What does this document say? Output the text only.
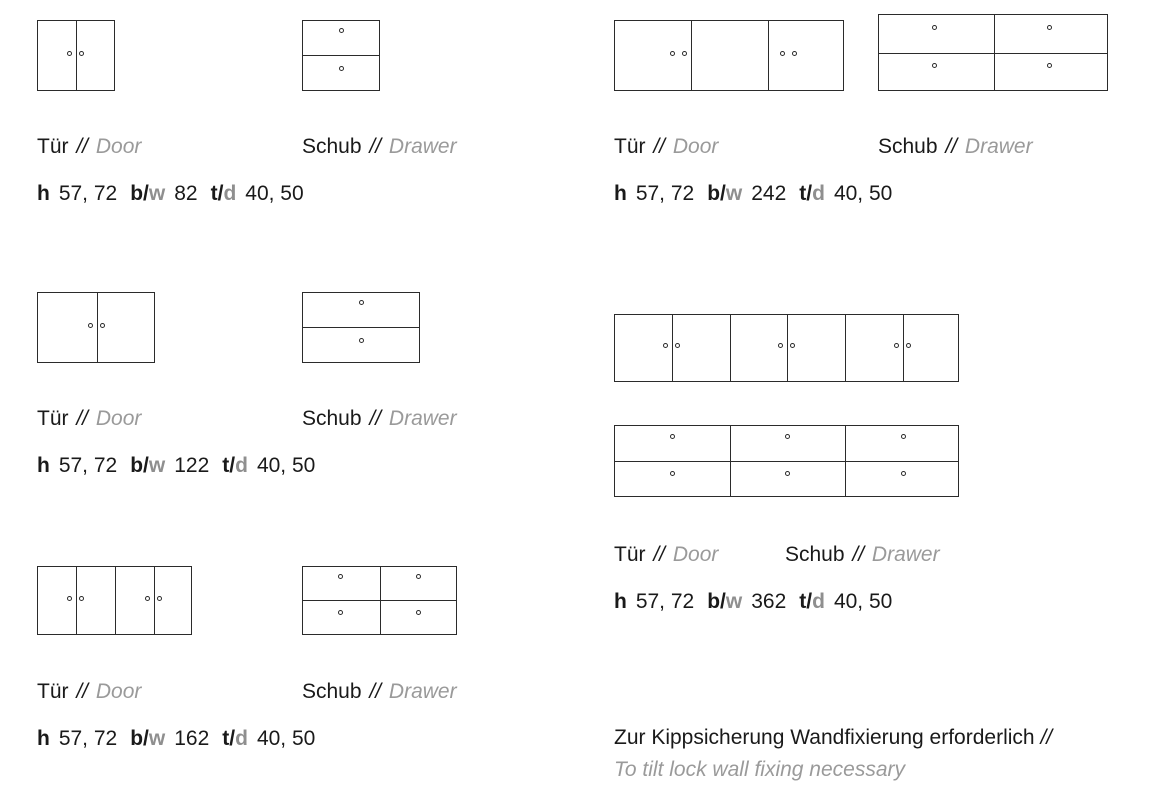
Tür // Door	Schub // Drawer
h 57, 72 b/w 82 t/d 40, 50
Tür // Door	Schub // Drawer
h 57, 72 b/w 242 t/d 40, 50
Tür // Door	Schub // Drawer
h 57, 72 b/w 122 t/d 40, 50
Tür // Door	Schub // Drawer
h 57, 72 b/w 162 t/d 40, 50
Tür // Door	Schub // Drawer
h 57, 72 b/w 362 t/d 40, 50
Zur Kippsicherung Wandfixierung erforderlich //
To tilt lock wall fixing necessary
